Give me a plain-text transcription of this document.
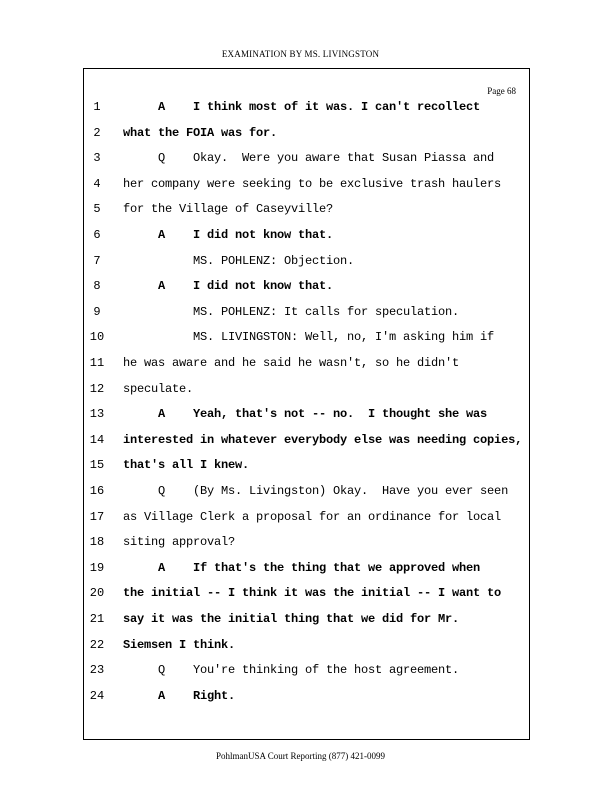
EXAMINATION BY MS. LIVINGSTON
Page 68
1	A    I think most of it was. I can't recollect
2	what the FOIA was for.
3	Q    Okay.  Were you aware that Susan Piassa and
4	her company were seeking to be exclusive trash haulers
5	for the Village of Caseyville?
6	A    I did not know that.
7	MS. POHLENZ: Objection.
8	A    I did not know that.
9	MS. POHLENZ: It calls for speculation.
10 MS. LIVINGSTON: Well, no, I'm asking him if
11 he was aware and he said he wasn't, so he didn't
12 speculate.
13 A    Yeah, that's not -- no.  I thought she was
14 interested in whatever everybody else was needing copies,
15 that's all I knew.
16 Q    (By Ms. Livingston) Okay.  Have you ever seen
17 as Village Clerk a proposal for an ordinance for local
18 siting approval?
19 A    If that's the thing that we approved when
20 the initial -- I think it was the initial -- I want to
21 say it was the initial thing that we did for Mr.
22 Siemsen I think.
23 Q    You're thinking of the host agreement.
24 A    Right.
PohlmanUSA Court Reporting (877) 421-0099
